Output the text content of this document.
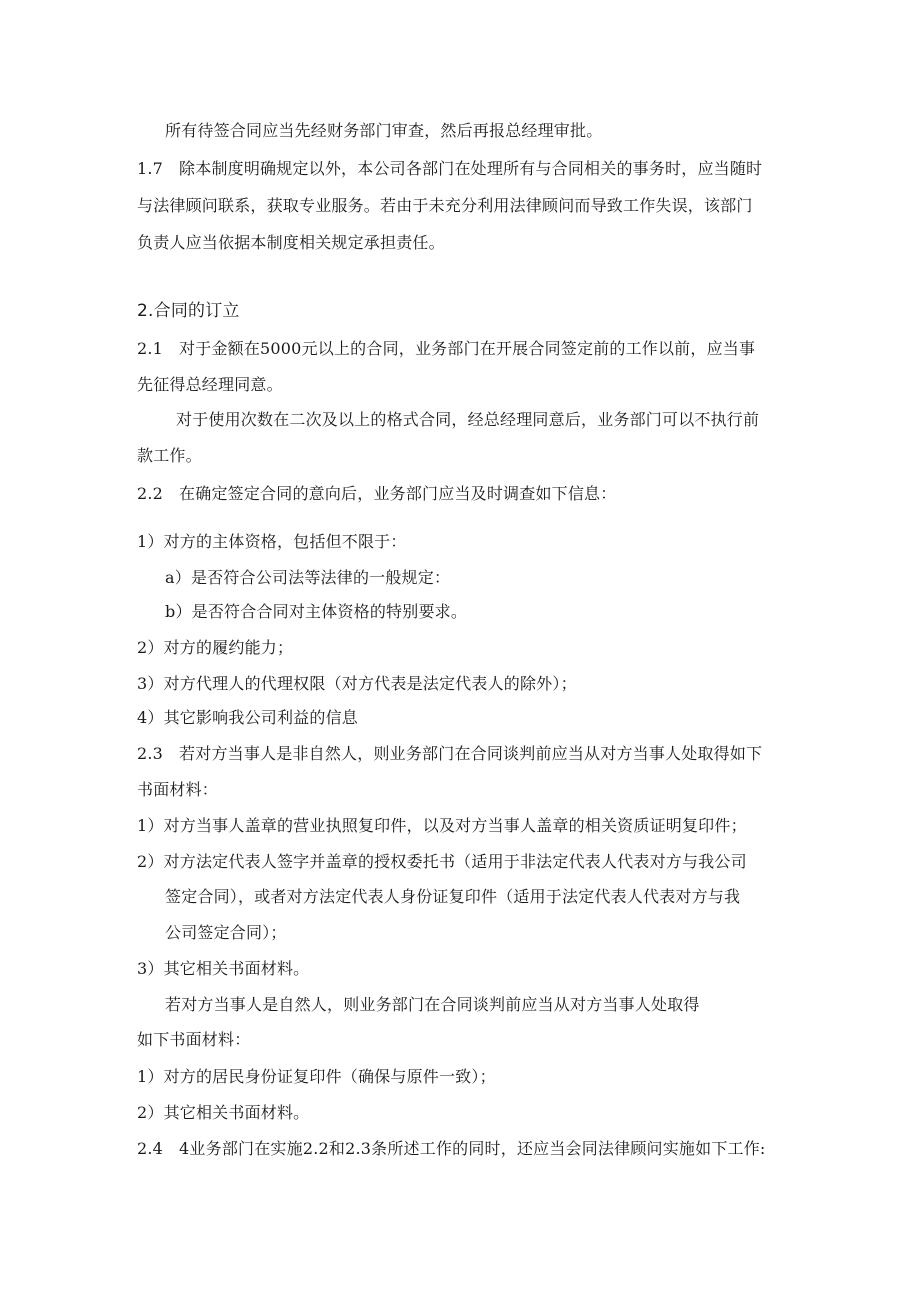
所有待签合同应当先经财务部门审查，然后再报总经理审批。
1.7 除本制度明确规定以外，本公司各部门在处理所有与合同相关的事务时，应当随时
与法律顾问联系，获取专业服务。若由于未充分利用法律顾问而导致工作失误，该部门
负责人应当依据本制度相关规定承担责任。
2.合同的订立
2.1 对于金额在5000元以上的合同，业务部门在开展合同签定前的工作以前，应当事
先征得总经理同意。
对于使用次数在二次及以上的格式合同，经总经理同意后，业务部门可以不执行前
款工作。
2.2 在确定签定合同的意向后，业务部门应当及时调查如下信息：
1）对方的主体资格，包括但不限于：
a）是否符合公司法等法律的一般规定：
b）是否符合合同对主体资格的特别要求。
2）对方的履约能力；
3）对方代理人的代理权限（对方代表是法定代表人的除外）；
4）其它影响我公司利益的信息
2.3 若对方当事人是非自然人，则业务部门在合同谈判前应当从对方当事人处取得如下
书面材料：
1）对方当事人盖章的营业执照复印件，以及对方当事人盖章的相关资质证明复印件；
2）对方法定代表人签字并盖章的授权委托书（适用于非法定代表人代表对方与我公司
签定合同），或者对方法定代表人身份证复印件（适用于法定代表人代表对方与我
公司签定合同）；
3）其它相关书面材料。
若对方当事人是自然人，则业务部门在合同谈判前应当从对方当事人处取得
如下书面材料：
1）对方的居民身份证复印件（确保与原件一致）；
2）其它相关书面材料。
2.4 4业务部门在实施2.2和2.3条所述工作的同时，还应当会同法律顾问实施如下工作:
